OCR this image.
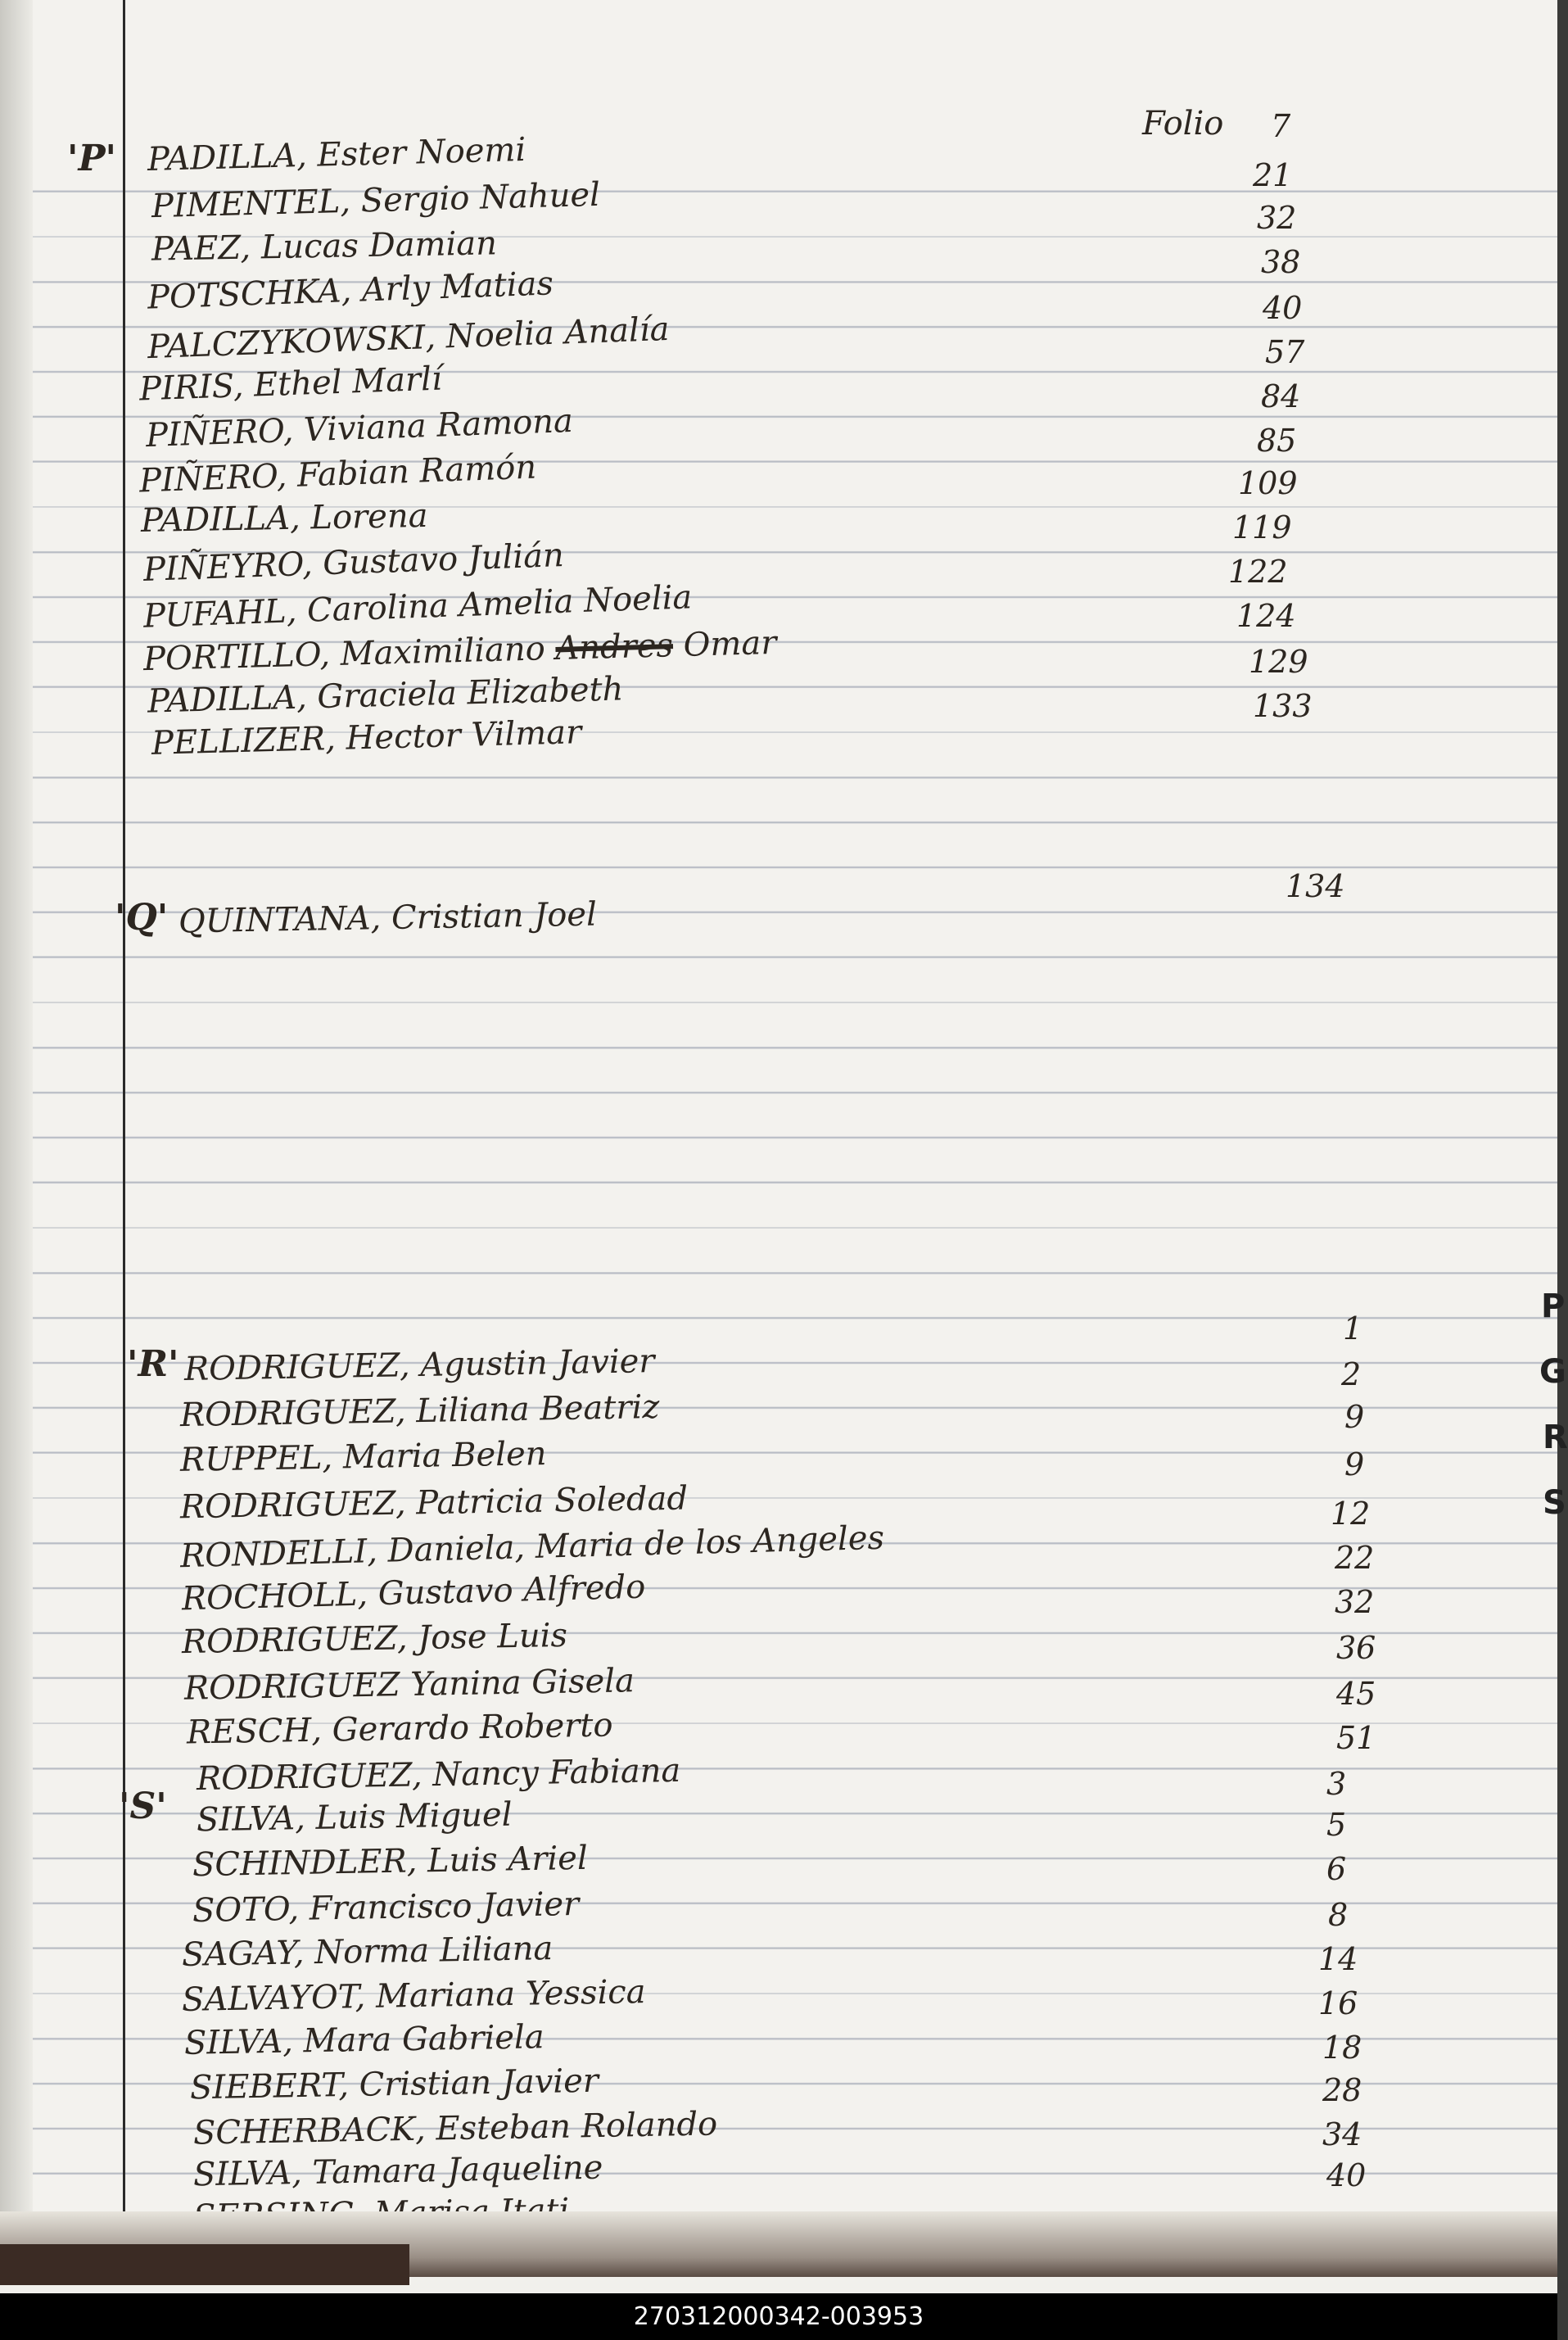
Folio
'P' PADILLA, Ester Noemi
7
PIMENTEL, Sergio Nahuel
21
PAEZ, Lucas Damian
32
POTSCHKA, Arly Matias
38
PALCZYKOWSKI, Noelia Analía
40
PIRIS, Ethel Marlí
57
PIÑERO, Viviana Ramona
84
PIÑERO, Fabian Ramón
85
PADILLA, Lorena
109
PIÑEYRO, Gustavo Julián
119
PUFAHL, Carolina Amelia Noelia
122
PORTILLO, Maximiliano Andres Omar
124
PADILLA, Graciela Elizabeth
129
PELLIZER, Hector Vilmar
133
'Q' QUINTANA, Cristian Joel
134
'R'
1
RODRIGUEZ, Agustin Javier
RODRIGUEZ, Liliana Beatriz
2
RUPPEL, Maria Belen
9
RODRIGUEZ, Patricia Soledad
9
RONDELLI, Daniela, Maria de los Angeles
12
ROCHOLL, Gustavo Alfredo
22
RODRIGUEZ, Jose Luis
32
RODRIGUEZ Yanina Gisela
36
RESCH, Gerardo Roberto
45
RODRIGUEZ, Nancy Fabiana
51
'S'
3
SILVA, Luis Miguel
SCHINDLER, Luis Ariel
5
SOTO, Francisco Javier
6
SAGAY, Norma Liliana
8
SALVAYOT, Mariana Yessica
14
SILVA, Mara Gabriela
16
SIEBERT, Cristian Javier
18
SCHERBACK, Esteban Rolando
28
SILVA, Tamara Jaqueline
34
40
P
G
R
S
270312000342-003953
